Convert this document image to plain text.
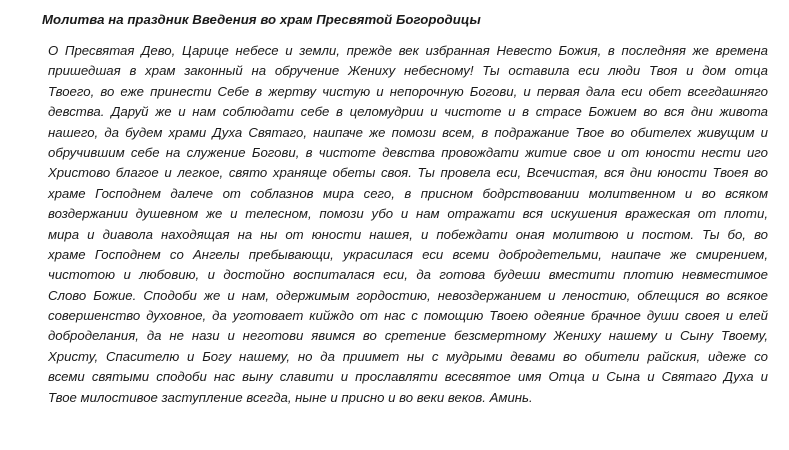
Молитва на праздник Введения во храм Пресвятой Богородицы
О Пресвятая Дево, Царице небесе и земли, прежде век избранная Невесто Божия, в последняя же времена
пришедшая в храм законный на обручение Жениху небесному! Ты оставила еси люди Твоя и дом отца
Твоего, во еже принести Себе в жертву чистую и непорочную Богови, и первая дала еси обет всегдашняго
девства. Даруй же и нам соблюдати себе в целомудрии и чистоте и в страсе Божием во вся дни живота
нашего, да будем храми Духа Святаго, наипаче же помози всем, в подражание Твое во обителех живущим и
обручившим себе на служение Богови, в чистоте девства провождати житие свое и от юности нести иго
Христово благое и легкое, свято храняще обеты своя. Ты провела еси, Всечистая, вся дни юности Твоея во
храме Господнем далече от соблазнов мира сего, в присном бодрствовании молитвенном и во всяком
воздержании душевном же и телесном, помози убо и нам отражати вся искушения вражеская от плоти,
мира и диавола находящая на ны от юности нашея, и побеждати оная молитвою и постом. Ты бо, во
храме Господнем со Ангелы пребывающи, украсилася еси всеми добродетельми, наипаче же смирением,
чистотою и любовию, и достойно воспиталася еси, да готова будеши вместити плотию невместимое
Слово Божие. Сподоби же и нам, одержимым гордостию, невоздержанием и леностию, облещися во всякое
совершенство духовное, да уготовает кийждо от нас с помощию Твоею одеяние брачное души своея и елей
доброделания, да не нази и неготови явимся во сретение безсмертному Жениху нашему и Сыну Твоему,
Христу, Спасителю и Богу нашему, но да приимет ны с мудрыми девами во обители райския, идеже со
всеми святыми сподоби нас выну славити и прославляти всесвятое имя Отца и Сына и Святаго Духа и
Твое милостивое заступление всегда, ныне и присно и во веки веков. Аминь.
